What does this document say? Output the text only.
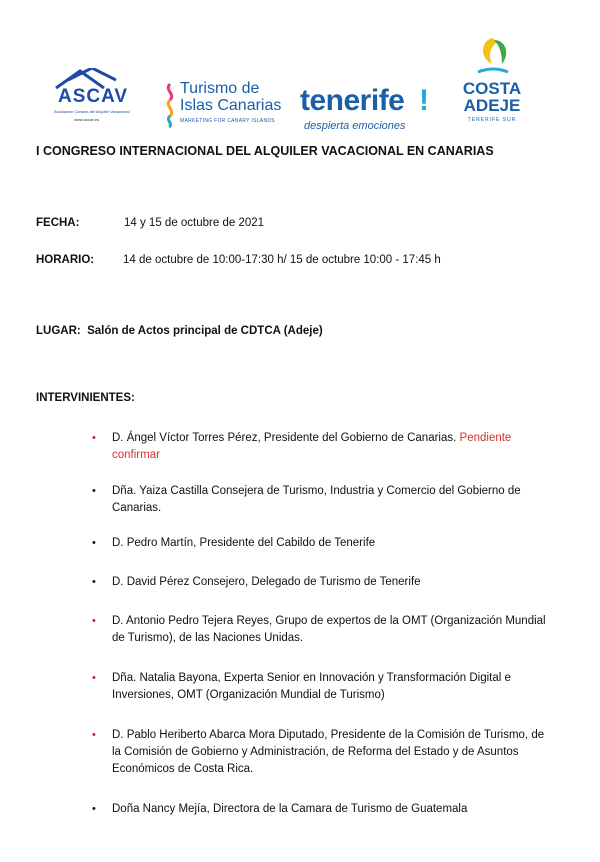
ASCAV
Asociación Canaria del Alquiler Vacacional
www.ascav.es
Turismo de
Islas Canarias
MARKETING FOR CANARY ISLANDS
tenerife !
despierta emociones
COSTA
ADEJE
TENERIFE SUR
I CONGRESO INTERNACIONAL DEL ALQUILER VACACIONAL EN CANARIAS
FECHA:	14 y 15 de octubre de 2021
HORARIO:	14 de octubre de 10:00-17:30 h/ 15 de octubre 10:00 - 17:45 h
LUGAR: Salón de Actos principal de CDTCA (Adeje)
INTERVINIENTES:
• D. Ángel Víctor Torres Pérez, Presidente del Gobierno de Canarias. Pendiente confirmar
• Dña. Yaiza Castilla Consejera de Turismo, Industria y Comercio del Gobierno de Canarias.
• D. Pedro Martín, Presidente del Cabildo de Tenerife
• D. David Pérez Consejero, Delegado de Turismo de Tenerife
• D. Antonio Pedro Tejera Reyes, Grupo de expertos de la OMT (Organización Mundial de Turismo), de las Naciones Unidas.
• Dña. Natalia Bayona, Experta Senior en Innovación y Transformación Digital e Inversiones, OMT (Organización Mundial de Turismo)
• D. Pablo Heriberto Abarca Mora Diputado, Presidente de la Comisión de Turismo, de la Comisión de Gobierno y Administración, de Reforma del Estado y de Asuntos Económicos de Costa Rica.
• Doña Nancy Mejía, Directora de la Camara de Turismo de Guatemala
